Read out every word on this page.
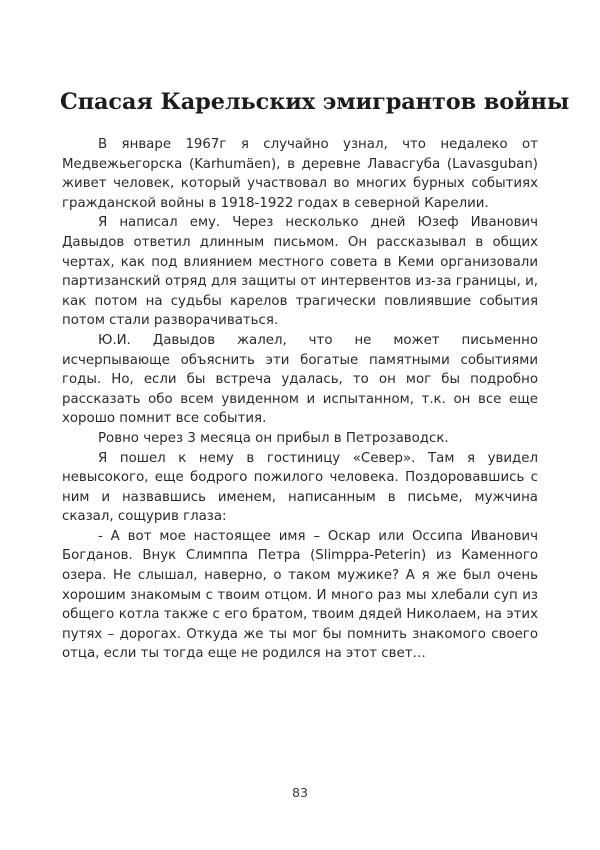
Спасая Карельских эмигрантов войны

В январе 1967г я случайно узнал, что недалеко от Медвежьегорска (Karhumäen), в деревне Лавасгуба (Lavasguban) живет человек, который участвовал во многих бурных событиях гражданской войны в 1918-1922 годах в северной Карелии.

Я написал ему. Через несколько дней Юзеф Иванович Давыдов ответил длинным письмом. Он рассказывал в общих чертах, как под влиянием местного совета в Кеми организовали партизанский отряд для защиты от интервентов из-за границы, и, как потом на судьбы карелов трагически повлиявшие события потом стали разворачиваться.

Ю.И. Давыдов жалел, что не может письменно исчерпывающе объяснить эти богатые памятными событиями годы. Но, если бы встреча удалась, то он мог бы подробно рассказать обо всем увиденном и испытанном, т.к. он все еще хорошо помнит все события.

Ровно через 3 месяца он прибыл в Петрозаводск.

Я пошел к нему в гостиницу «Север». Там я увидел невысокого, еще бодрого пожилого человека. Поздоровавшись с ним и назвавшись именем, написанным в письме, мужчина сказал, сощурив глаза:

- А вот мое настоящее имя – Оскар или Оссипа Иванович Богданов. Внук Слимппа Петра (Slimppa-Peterin) из Каменного озера. Не слышал, наверно, о таком мужике? А я же был очень хорошим знакомым с твоим отцом. И много раз мы хлебали суп из общего котла также с его братом, твоим дядей Николаем, на этих путях – дорогах. Откуда же ты мог бы помнить знакомого своего отца, если ты тогда еще не родился на этот свет…

83
